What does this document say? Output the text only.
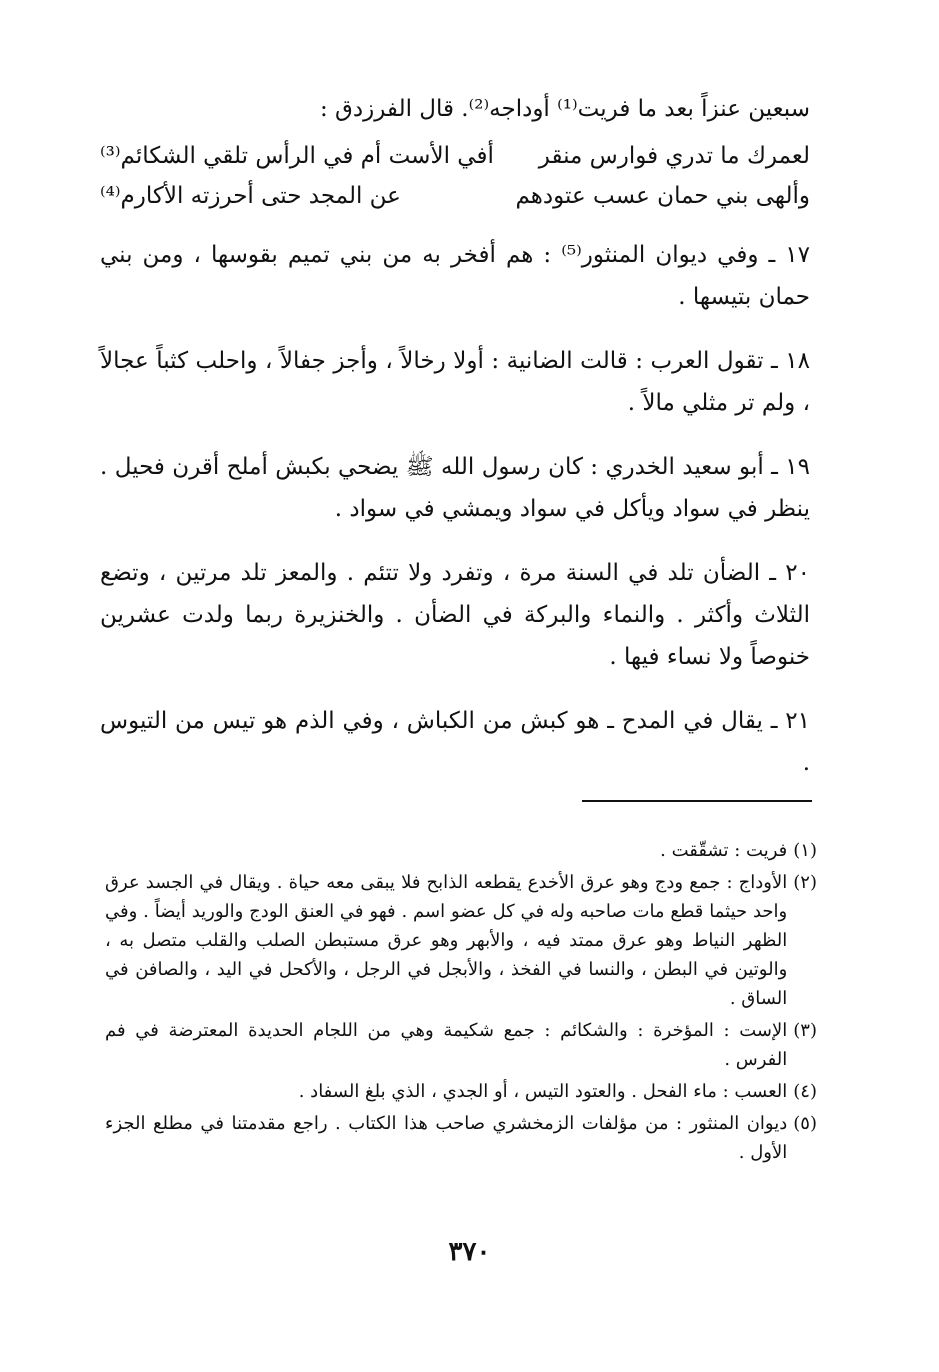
سبعين عنزاً بعد ما فريت⁽¹⁾ أوداجه⁽²⁾. قال الفرزدق :

لعمرك ما تدري فوارس منقر
أفي الأست أم في الرأس تلقي الشكائم⁽³⁾
وألهى بني حمان عسب عتودهم
عن المجد حتى أحرزته الأكارم⁽⁴⁾

١٧ ـ وفي ديوان المنثور⁽⁵⁾ : هم أفخر به من بني تميم بقوسها ، ومن بني حمان بتيسها .

١٨ ـ تقول العرب : قالت الضانية : أولا رخالاً ، وأجز جفالاً ، واحلب كثباً عجالاً ، ولم تر مثلي مالاً .

١٩ ـ أبو سعيد الخدري : كان رسول الله ﷺ يضحي بكبش أملح أقرن فحيل . ينظر في سواد ويأكل في سواد ويمشي في سواد .

٢٠ ـ الضأن تلد في السنة مرة ، وتفرد ولا تتئم . والمعز تلد مرتين ، وتضع الثلاث وأكثر . والنماء والبركة في الضأن . والخنزيرة ربما ولدت عشرين خنوصاً ولا نساء فيها .

٢١ ـ يقال في المدح ـ هو كبش من الكباش ، وفي الذم هو تيس من التيوس .

(١)
فريت : تشقّقت .
(٢)
الأوداج : جمع ودج وهو عرق الأخدع يقطعه الذابح فلا يبقى معه حياة . ويقال في الجسد عرق واحد حيثما قطع مات صاحبه وله في كل عضو اسم . فهو في العنق الودج والوريد أيضاً . وفي الظهر النياط وهو عرق ممتد فيه ، والأبهر وهو عرق مستبطن الصلب والقلب متصل به ، والوتين في البطن ، والنسا في الفخذ ، والأبجل في الرجل ، والأكحل في اليد ، والصافن في الساق .
(٣)
الإست : المؤخرة : والشكائم : جمع شكيمة وهي من اللجام الحديدة المعترضة في فم الفرس .
(٤)
العسب : ماء الفحل . والعتود التيس ، أو الجدي ، الذي بلغ السفاد .
(٥)
ديوان المنثور : من مؤلفات الزمخشري صاحب هذا الكتاب . راجع مقدمتنا في مطلع الجزء الأول .
٣٧٠
